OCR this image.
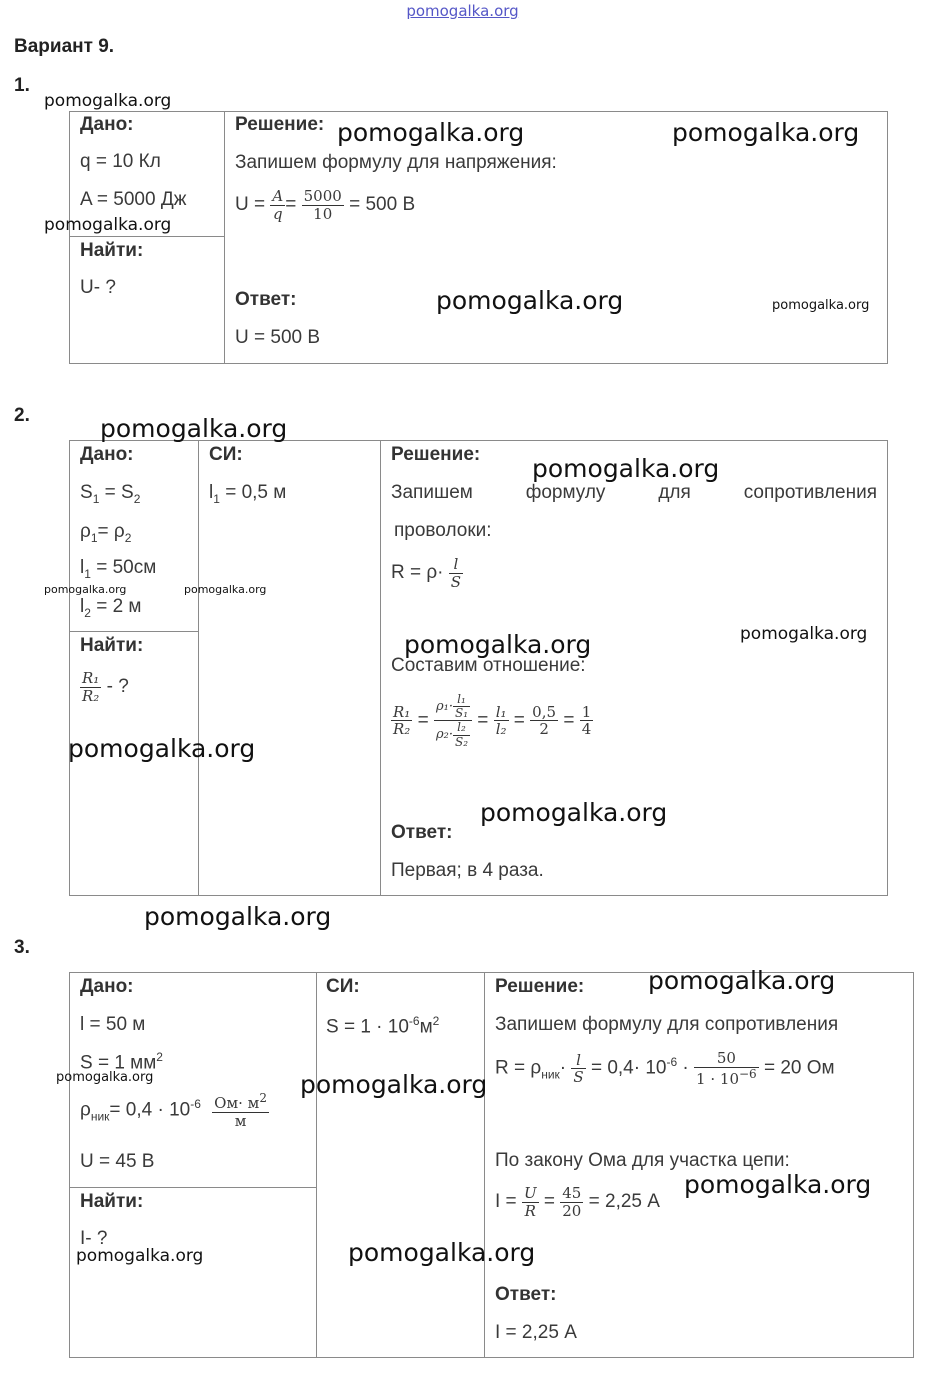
pomogalka.org
Вариант 9.
1.
Дано:
q = 10 Кл
A = 5000 Дж
Найти:
U- ?
Решение:
Запишем формулу для напряжения:
$U = \frac{A}{q} = \frac{5000}{10} = 500$ В
Ответ:
U = 500 В
2.
Дано:
$S_1 = S_2$
$\rho_1= \rho_2$
$l_1 = 50см$
$l_2 = 2$ м
СИ:
$l_1 = 0,5$ м
Найти:
$\frac{\text{R₁}}{\text{R₂}}$ - ?
Решение:
Запишем	формулу	для	сопротивления
проволоки:
$R = \rho\cdot \frac{l}{S}$
Составим отношение:
$\frac{\text{R₁}}{\text{R₂}} = \frac{\rho_1\cdot \frac{\text{l₁}}{\text{S₁}}}{\rho_2\cdot \frac{\text{l₂}}{\text{S₂}}} = \frac{\text{l₁}}{\text{l₂}} = \frac{0,5}{2} = \frac{1}{4}$
Ответ:
Первая; в 4 раза.
3.
Дано:
l = 50 м
S = 1 $мм^2$
$\rho_{ник}= 0,4 \cdot 10^{-6} \frac{Ом\cdot м^2}{м}$
U = 45 В
СИ:
$S = 1 \cdot 10^{-6}м^2$
Найти:
I- ?
Решение:
Запишем формулу для сопротивления
$R = \rho_{ник}\cdot \frac{l}{S} = 0,4\cdot 10^{-6} \cdot \frac{50}{1 \cdot 10^{-6}} = 20$ Ом
По закону Ома для участка цепи:
$I = \frac{U}{R} = \frac{45}{20} = 2,25$ А
Ответ:
I = 2,25 А
pomogalka.org
pomogalka.org	pomogalka.org
pomogalka.org
pomogalka.org	pomogalka.org
pomogalka.org
pomogalka.org
pomogalka.org	pomogalka.org
pomogalka.org	pomogalka.org
pomogalka.org
pomogalka.org
pomogalka.org
pomogalka.org
pomogalka.org	pomogalka.org
pomogalka.org
pomogalka.org	pomogalka.org
